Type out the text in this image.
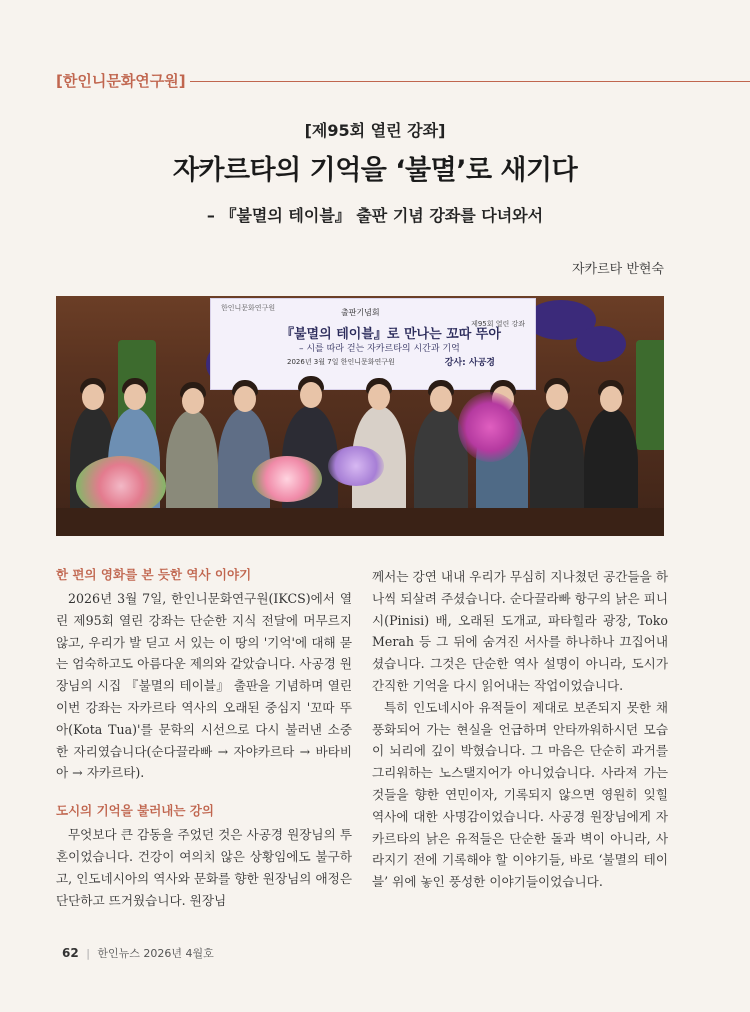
[한인니문화연구원]
[제95회 열린 강좌]
자카르타의 기억을 ‘불멸’로 새기다
– 『불멸의 테이블』 출판 기념 강좌를 다녀와서
자카르타 반현숙
한인니문화연구원	출판기념회
제95회 열린 강좌
『불멸의 테이블』로 만나는 꼬따 뚜아
– 시를 따라 걷는 자카르타의 시간과 기억
2026년 3월 7일 한인니문화연구원	강사: 사공경
한 편의 영화를 본 듯한 역사 이야기

2026년 3월 7일, 한인니문화연구원(IKCS)에서 열린 제95회 열린 강좌는 단순한 지식 전달에 머무르지 않고, 우리가 발 딛고 서 있는 이 땅의 '기억'에 대해 묻는 엄숙하고도 아름다운 제의와 같았습니다. 사공경 원장님의 시집 『불멸의 테이블』 출판을 기념하며 열린 이번 강좌는 자카르타 역사의 오래된 중심지 '꼬따 뚜아(Kota Tua)'를 문학의 시선으로 다시 불러낸 소중한 자리였습니다(순다끌라빠 → 자야카르타 → 바타비아 → 자카르타).

도시의 기억을 불러내는 강의

무엇보다 큰 감동을 주었던 것은 사공경 원장님의 투혼이었습니다. 건강이 여의치 않은 상황임에도 불구하고, 인도네시아의 역사와 문화를 향한 원장님의 애정은 단단하고 뜨거웠습니다. 원장님

께서는 강연 내내 우리가 무심히 지나쳤던 공간들을 하나씩 되살려 주셨습니다. 순다끌라빠 항구의 낡은 피니시(Pinisi) 배, 오래된 도개교, 파타힐라 광장, Toko Merah 등 그 뒤에 숨겨진 서사를 하나하나 끄집어내셨습니다. 그것은 단순한 역사 설명이 아니라, 도시가 간직한 기억을 다시 읽어내는 작업이었습니다.

특히 인도네시아 유적들이 제대로 보존되지 못한 채 풍화되어 가는 현실을 언급하며 안타까워하시던 모습이 뇌리에 깊이 박혔습니다. 그 마음은 단순히 과거를 그리워하는 노스탤지어가 아니었습니다. 사라져 가는 것들을 향한 연민이자, 기록되지 않으면 영원히 잊힐 역사에 대한 사명감이었습니다. 사공경 원장님에게 자카르타의 낡은 유적들은 단순한 돌과 벽이 아니라, 사라지기 전에 기록해야 할 이야기들, 바로 ‘불멸의 테이블’ 위에 놓인 풍성한 이야기들이었습니다.

62 | 한인뉴스 2026년 4월호
